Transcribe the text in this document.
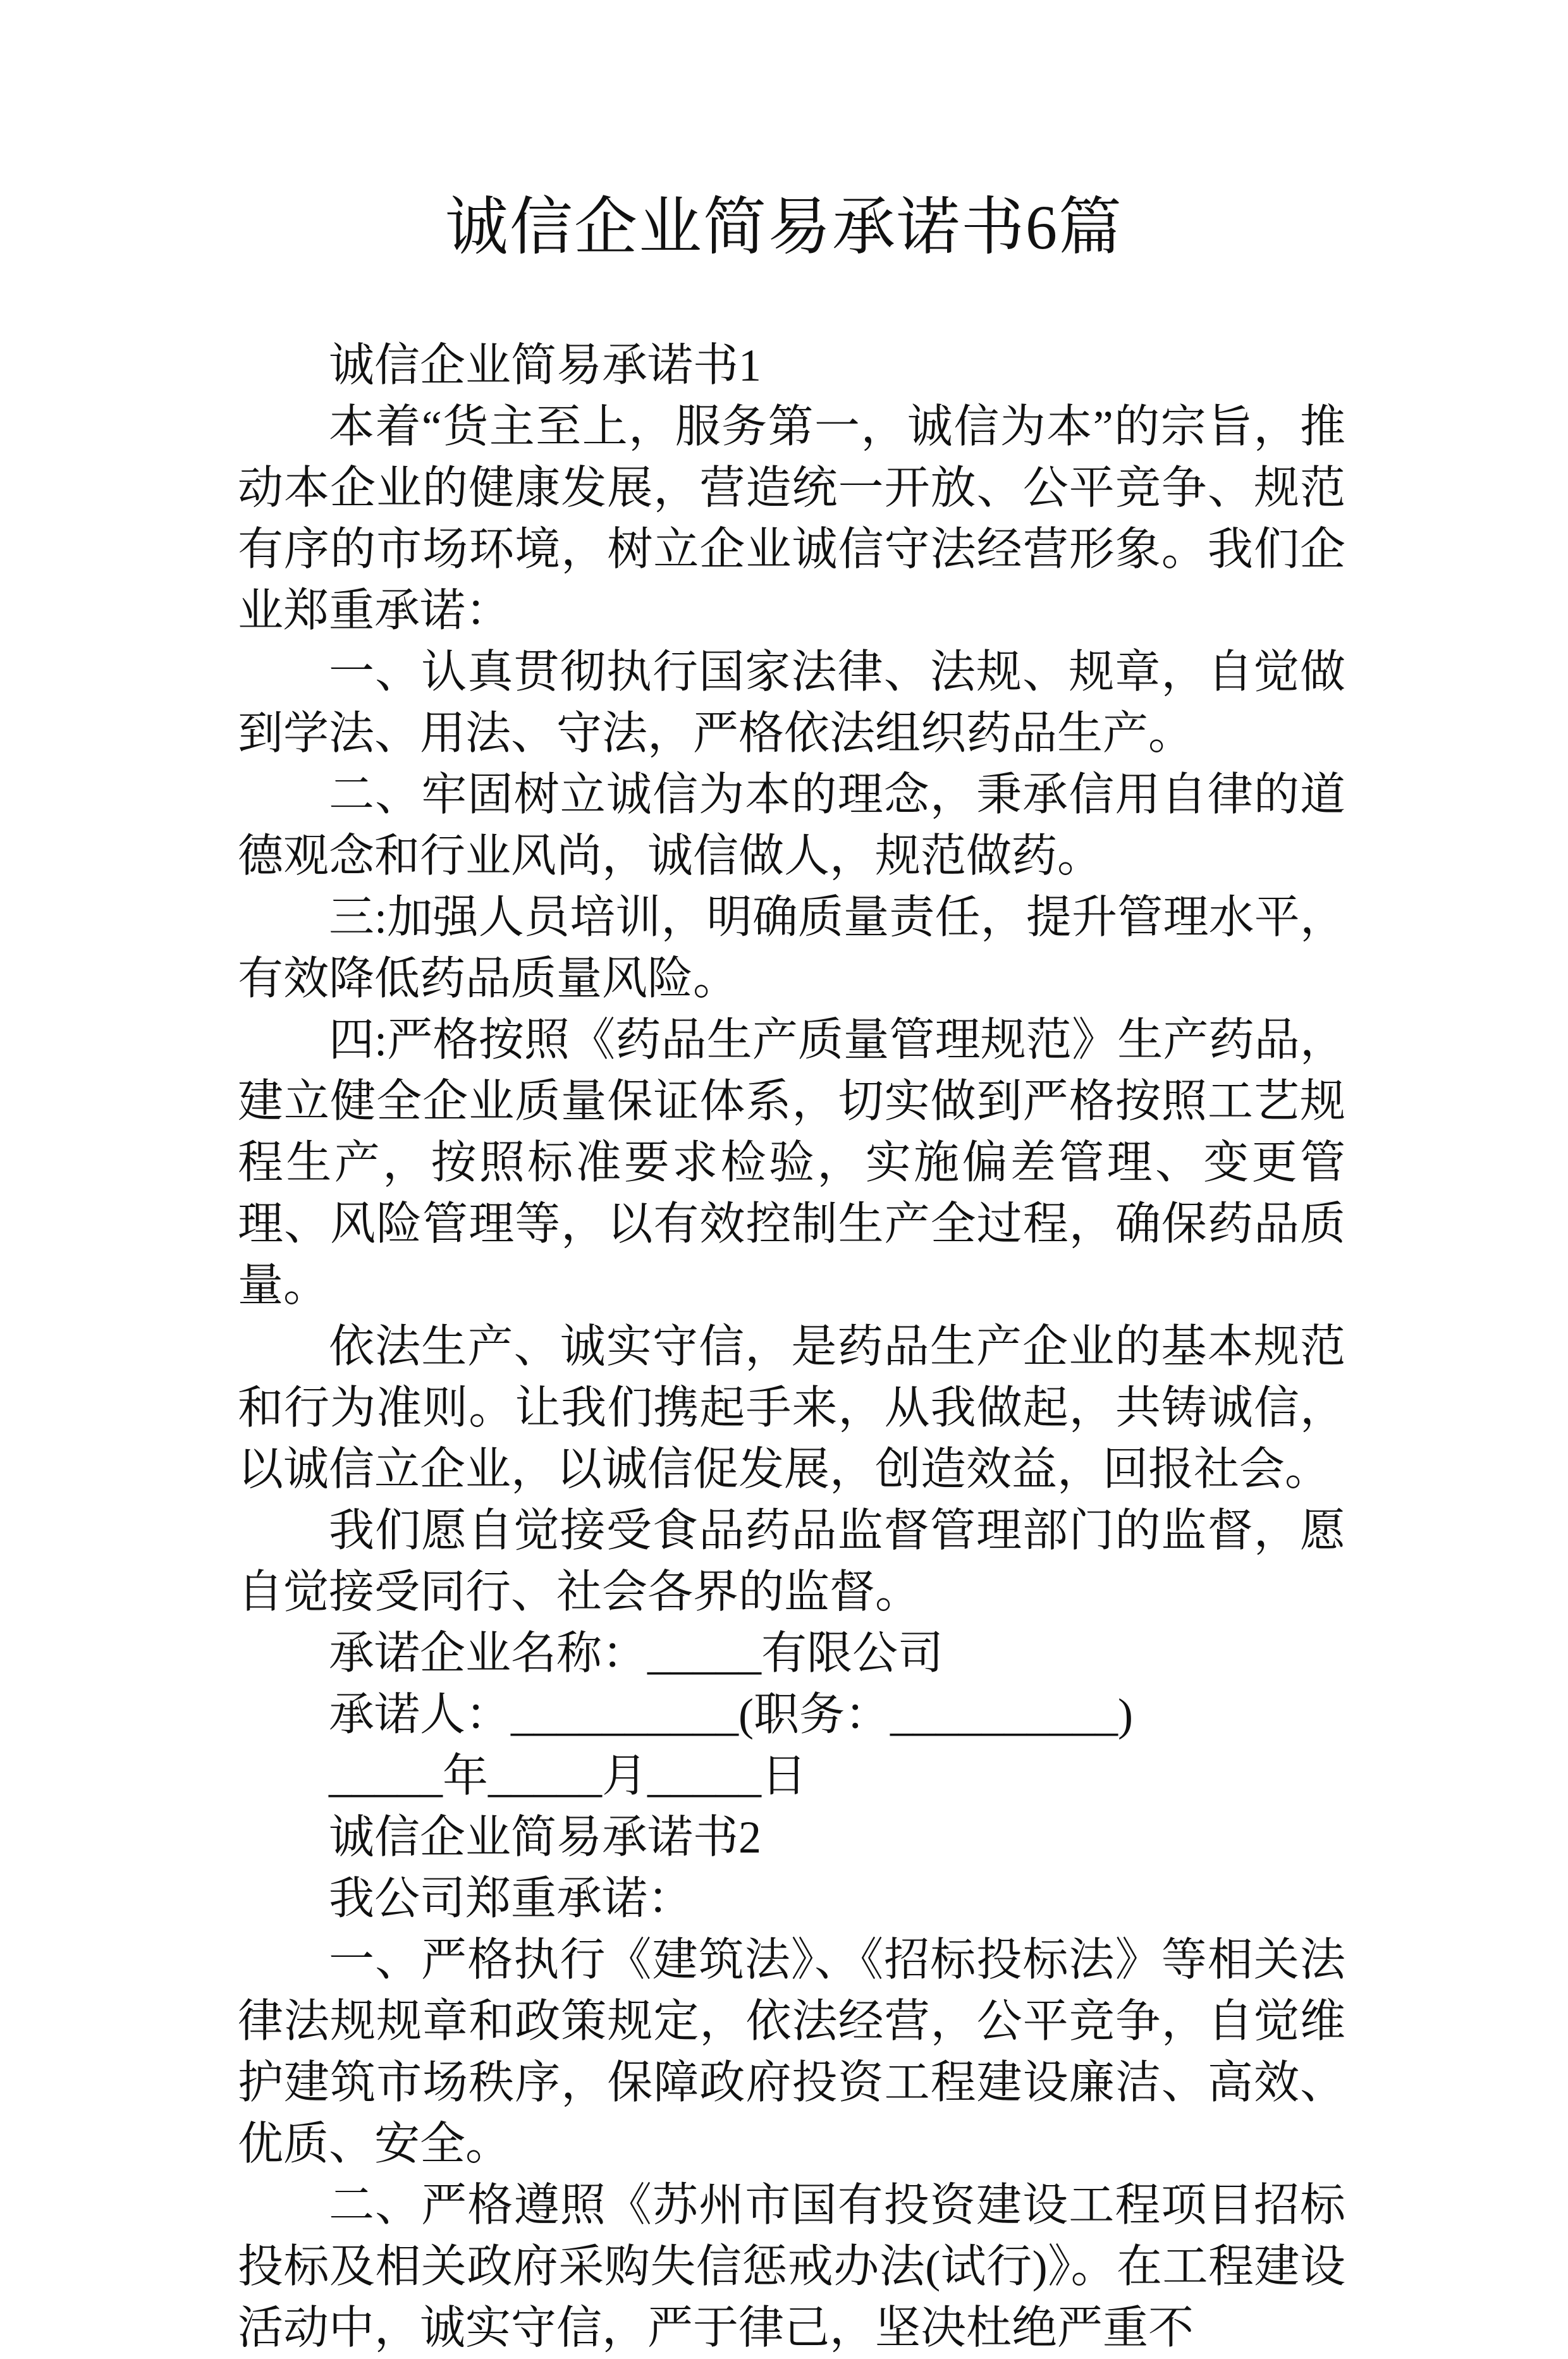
诚信企业简易承诺书6篇

诚信企业简易承诺书1

本着“货主至上，服务第一，诚信为本”的宗旨，推动本企业的健康发展，营造统一开放、公平竞争、规范有序的市场环境，树立企业诚信守法经营形象。我们企业郑重承诺：

一、认真贯彻执行国家法律、法规、规章，自觉做到学法、用法、守法，严格依法组织药品生产。

二、牢固树立诚信为本的理念，秉承信用自律的道德观念和行业风尚，诚信做人，规范做药。

三:加强人员培训，明确质量责任，提升管理水平，有效降低药品质量风险。

四:严格按照《药品生产质量管理规范》生产药品，建立健全企业质量保证体系，切实做到严格按照工艺规程生产，按照标准要求检验，实施偏差管理、变更管理、风险管理等，以有效控制生产全过程，确保药品质量。

依法生产、诚实守信，是药品生产企业的基本规范和行为准则。让我们携起手来，从我做起，共铸诚信，以诚信立企业，以诚信促发展，创造效益，回报社会。

我们愿自觉接受食品药品监督管理部门的监督，愿自觉接受同行、社会各界的监督。

承诺企业名称：_____有限公司

承诺人：__________(职务：__________)

_____年_____月_____日

诚信企业简易承诺书2

我公司郑重承诺：

一、严格执行《建筑法》、《招标投标法》等相关法律法规规章和政策规定，依法经营，公平竞争，自觉维护建筑市场秩序，保障政府投资工程建设廉洁、高效、优质、安全。

二、严格遵照《苏州市国有投资建设工程项目招标投标及相关政府采购失信惩戒办法(试行)》。在工程建设活动中，诚实守信，严于律己，坚决杜绝严重不
